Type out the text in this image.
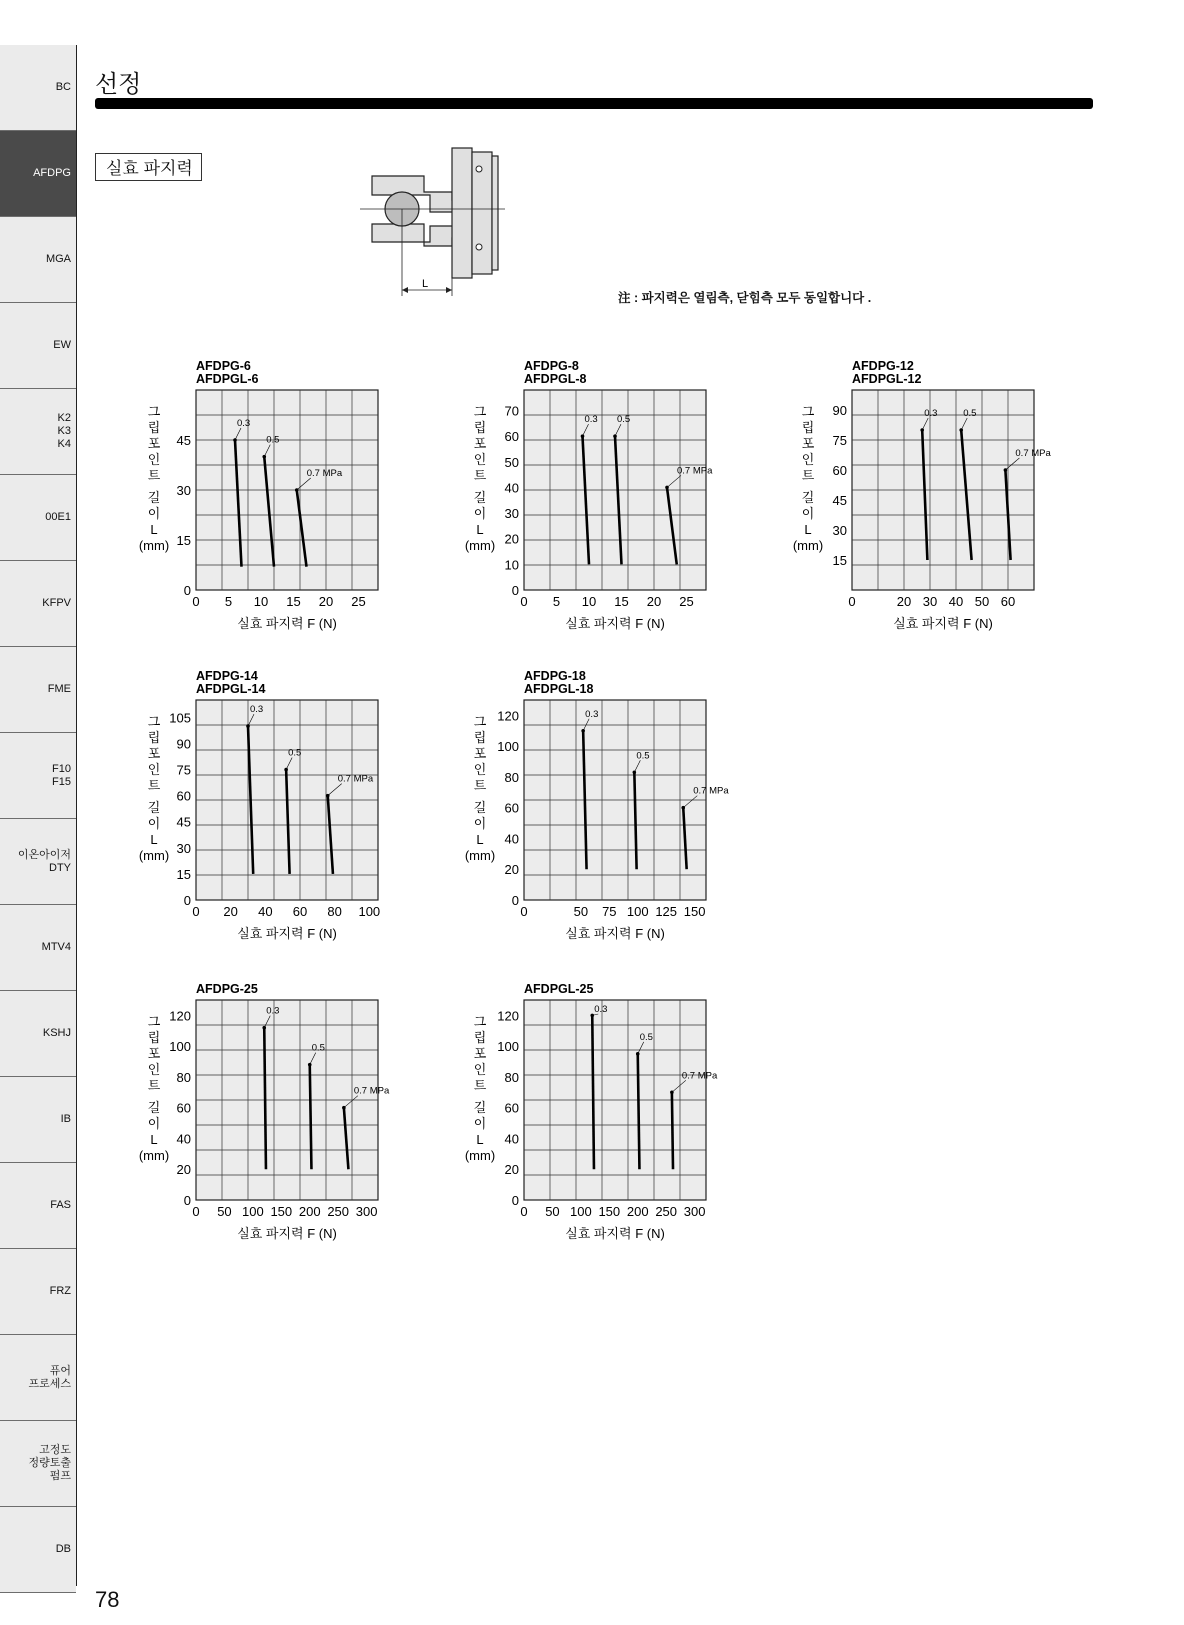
BC
AFDPG
MGA
EW
K2
K3
K4
00E1
KFPV
FME
F10
F15
이온아이저
DTY
MTV4
KSHJ
IB
FAS
FRZ
퓨어
프로세스
고정도
정량토출
펌프
DB
선정
실효 파지력
L
注 : 파지력은 열림측, 닫힘측 모두 동일합니다 .
AFDPG-6
AFDPGL-6
0 5 10 15 20 25
0
15
30
45
실효 파지력 F (N)
그
립
포
인
트
길
이
L
(mm)
0.3
0.5
0.7 MPa
AFDPG-8
AFDPGL-8
0 5 10 15 20 25
0
10
20
30
40
50
60
70
실효 파지력 F (N)
그
립
포
인
트
길
이
L
(mm)
0.3 0.5
0.7 MPa
AFDPG-12
AFDPGL-12
0	20 30 40 50 60
15
30
45
60
75
90
실효 파지력 F (N)
그
립
포
인
트
길
이
L
(mm)
0.3	0.5
0.7 MPa
AFDPG-14
AFDPGL-14
0 20 40 60 80 100
0
15
30
45
60
75
90
105
실효 파지력 F (N)
그
립
포
인
트
길
이
L
(mm)
0.3
0.5
0.7 MPa
AFDPG-18
AFDPGL-18
0	50 75 100 125 150
0
20
40
60
80
100
120
실효 파지력 F (N)
그
립
포
인
트
길
이
L
(mm)
0.3
0.5
0.7 MPa
AFDPG-25
0 50 100 150 200 250 300
0
20
40
60
80
100
120
실효 파지력 F (N)
그
립
포
인
트
길
이
L
(mm)
0.3
0.5
0.7 MPa
AFDPGL-25
0 50 100 150 200 250 300
0
20
40
60
80
100
120
실효 파지력 F (N)
그
립
포
인
트
길
이
L
(mm)
0.3
0.5
0.7 MPa
78
